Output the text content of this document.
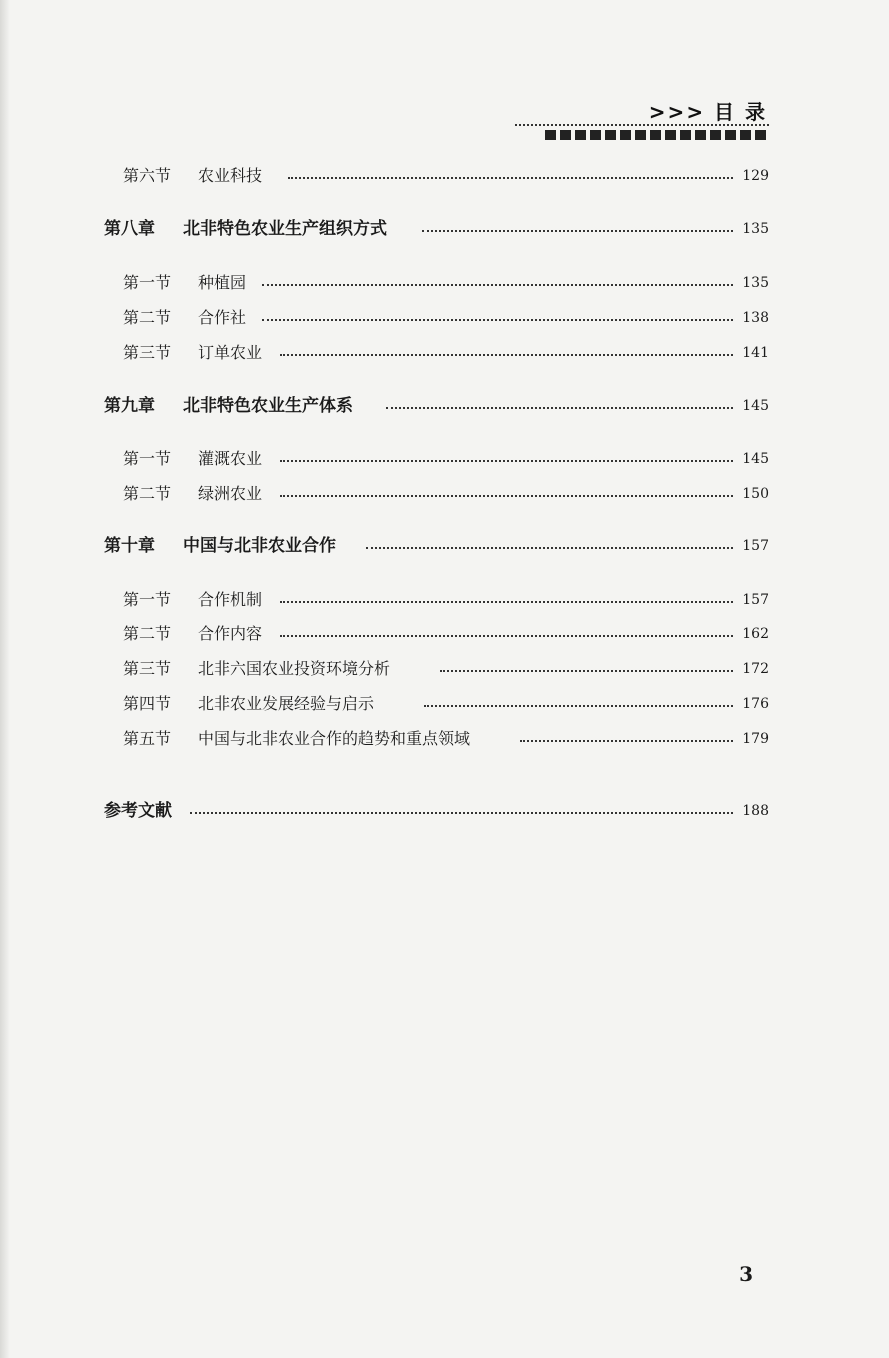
>>> 目 录
第六节 农业科技	129
第八章 北非特色农业生产组织方式	135
第一节 种植园	135
第二节 合作社	138
第三节 订单农业	141
第九章 北非特色农业生产体系	145
第一节 灌溉农业	145
第二节 绿洲农业	150
第十章 中国与北非农业合作	157
第一节 合作机制	157
第二节 合作内容	162
第三节 北非六国农业投资环境分析	172
第四节 北非农业发展经验与启示	176
第五节 中国与北非农业合作的趋势和重点领域	179
参考文献	188
3
